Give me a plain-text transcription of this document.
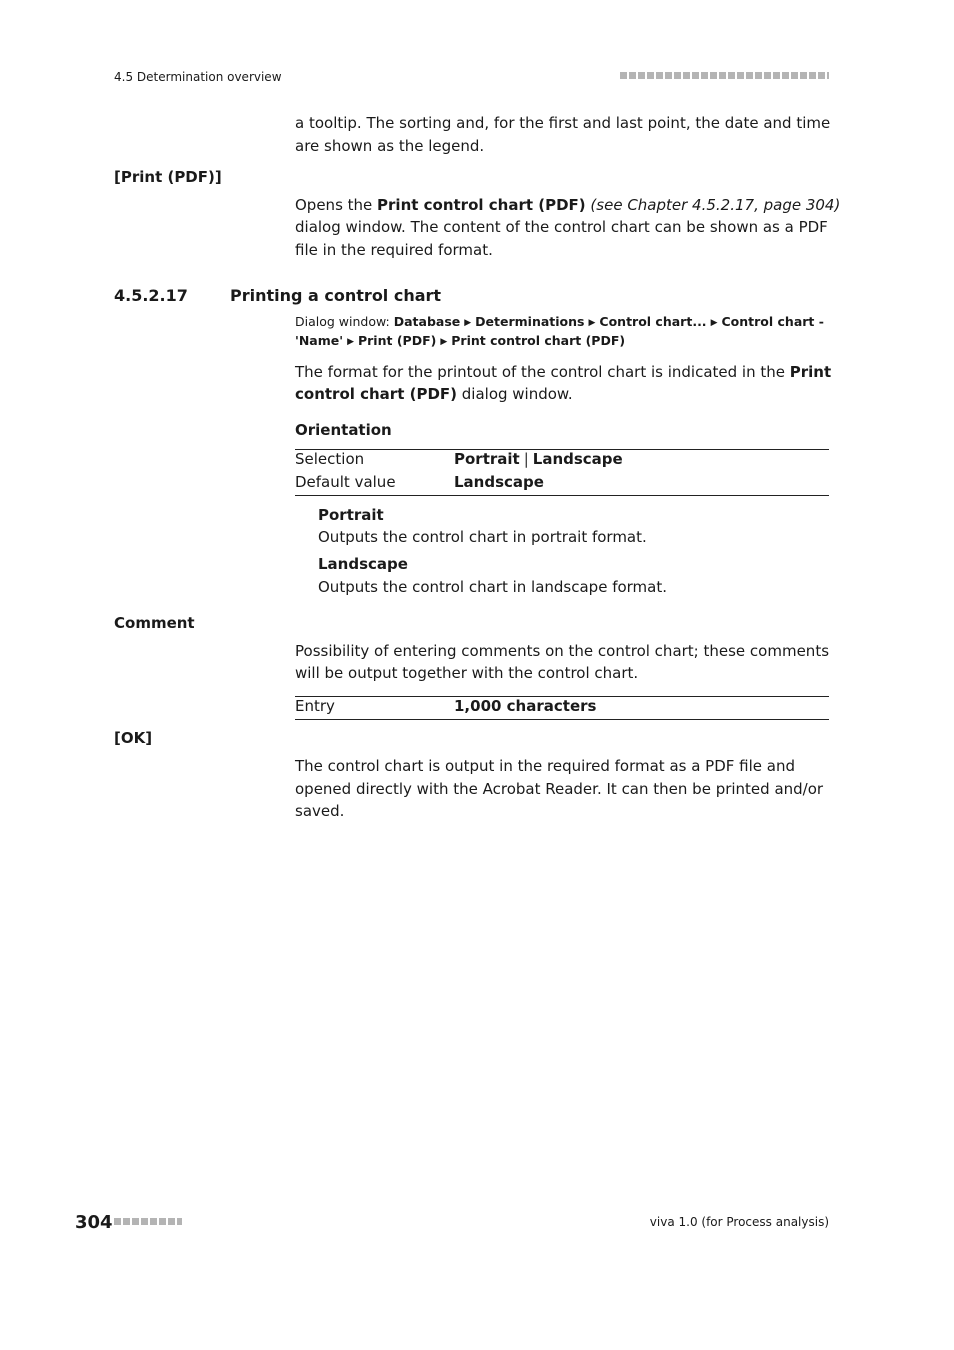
4.5 Determination overview
a tooltip. The sorting and, for the first and last point, the date and time
are shown as the legend.
[Print (PDF)]
Opens the Print control chart (PDF) (see Chapter 4.5.2.17, page 304)
dialog window. The content of the control chart can be shown as a PDF
file in the required format.
4.5.2.17	Printing a control chart
Dialog window: Database ▶ Determinations ▶ Control chart... ▶ Control chart -
'Name' ▶ Print (PDF) ▶ Print control chart (PDF)
The format for the printout of the control chart is indicated in the Print
control chart (PDF) dialog window.
Orientation
Selection	Portrait | Landscape
Default value	Landscape
Portrait
Outputs the control chart in portrait format.
Landscape
Outputs the control chart in landscape format.
Comment
Possibility of entering comments on the control chart; these comments
will be output together with the control chart.
Entry	1,000 characters
[OK]
The control chart is output in the required format as a PDF file and
opened directly with the Acrobat Reader. It can then be printed and/or
saved.
304	viva 1.0 (for Process analysis)
